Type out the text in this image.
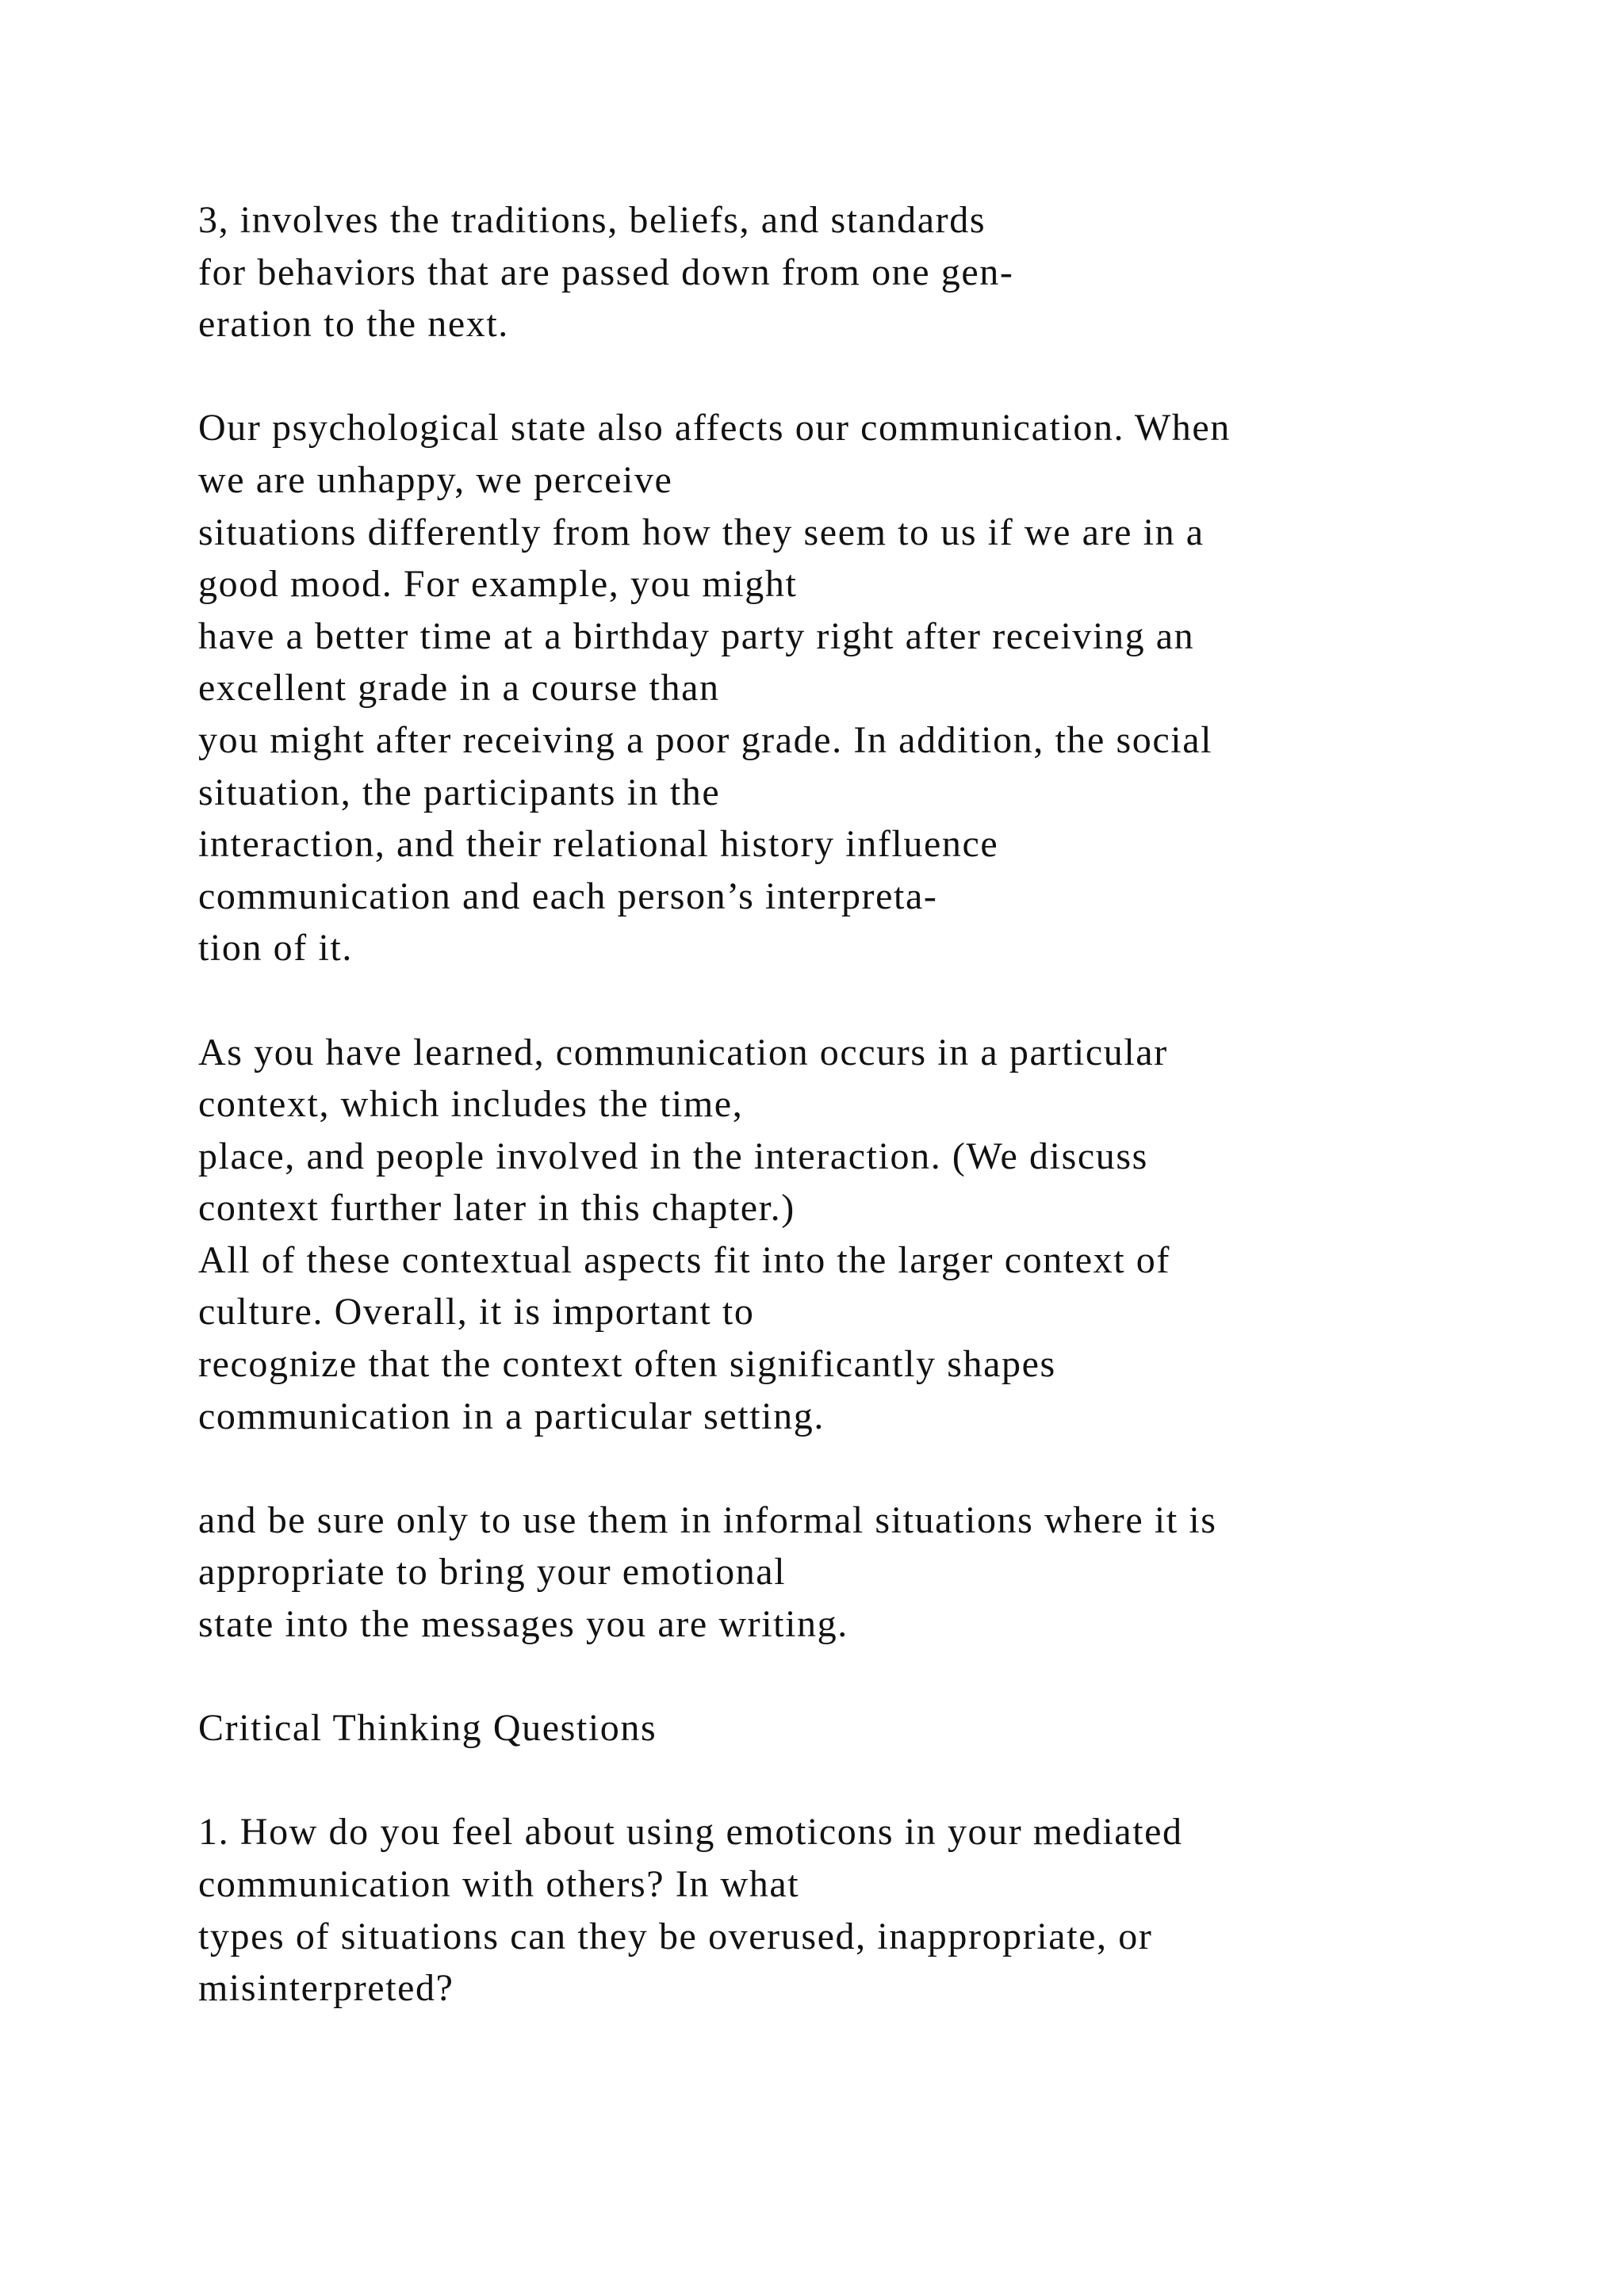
3, involves the traditions, beliefs, and standards
for behaviors that are passed down from one gen-
eration to the next.

Our psychological state also affects our communication. When
we are unhappy, we perceive
situations differently from how they seem to us if we are in a
good mood. For example, you might
have a better time at a birthday party right after receiving an
excellent grade in a course than
you might after receiving a poor grade. In addition, the social
situation, the participants in the
interaction, and their relational history influence
communication and each person’s interpreta-
tion of it.

As you have learned, communication occurs in a particular
context, which includes the time,
place, and people involved in the interaction. (We discuss
context further later in this chapter.)
All of these contextual aspects fit into the larger context of
culture. Overall, it is important to
recognize that the context often significantly shapes
communication in a particular setting.

and be sure only to use them in informal situations where it is
appropriate to bring your emotional
state into the messages you are writing.

Critical Thinking Questions

1. How do you feel about using emoticons in your mediated
communication with others? In what
types of situations can they be overused, inappropriate, or
misinterpreted?
